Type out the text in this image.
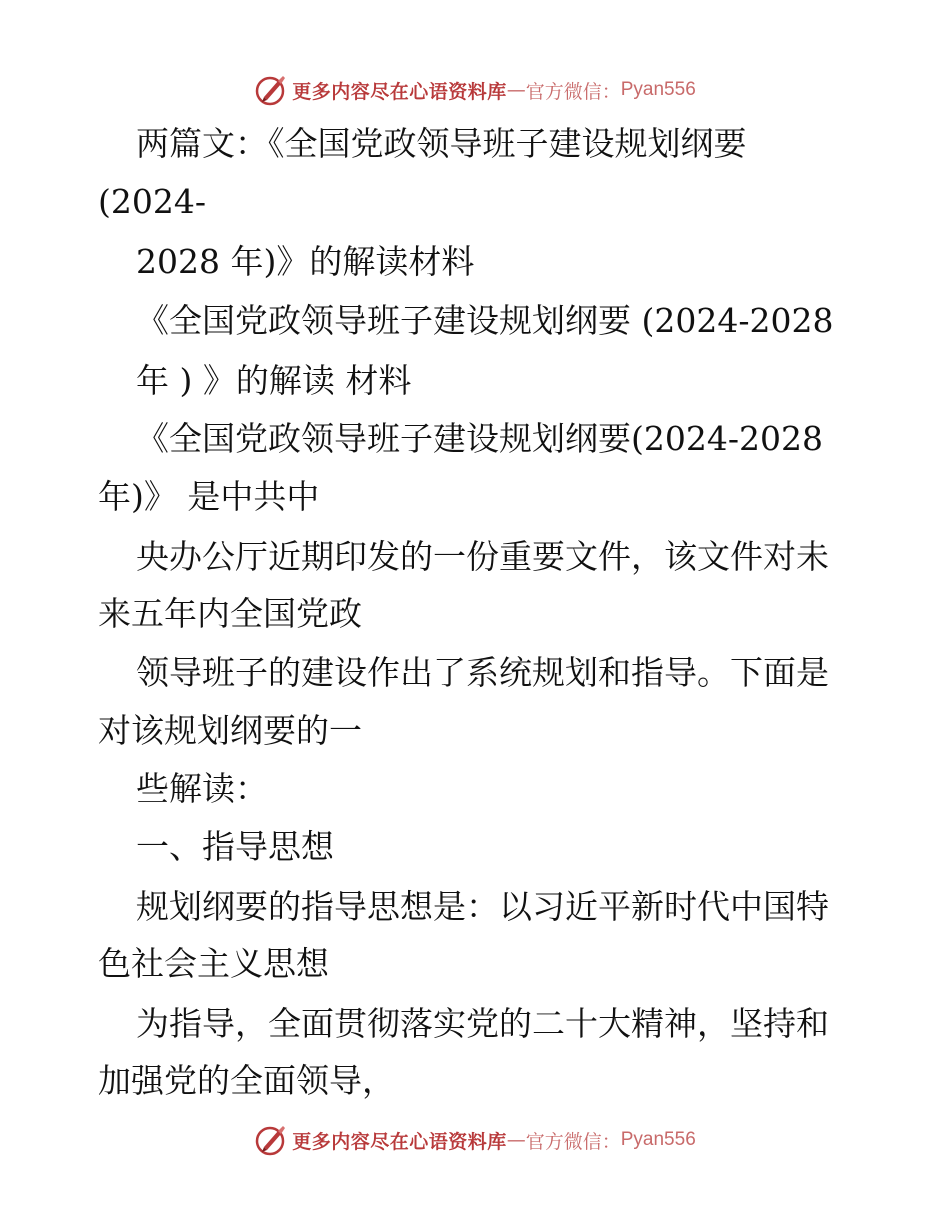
更多内容尽在心语资料库 — 官方微信： Pyan556
两篇文：《全国党政领导班子建设规划纲要
(2024-
2028 年)》的解读材料
《全国党政领导班子建设规划纲要 (2024-2028
年 ) 》的解读 材料
《全国党政领导班子建设规划纲要(2024-2028
年)》 是中共中
央办公厅近期印发的一份重要文件，该文件对未
来五年内全国党政
领导班子的建设作出了系统规划和指导。下面是
对该规划纲要的一
些解读：
一、指导思想
规划纲要的指导思想是：以习近平新时代中国特
色社会主义思想
为指导，全面贯彻落实党的二十大精神，坚持和
加强党的全面领导，
更多内容尽在心语资料库 — 官方微信： Pyan556
